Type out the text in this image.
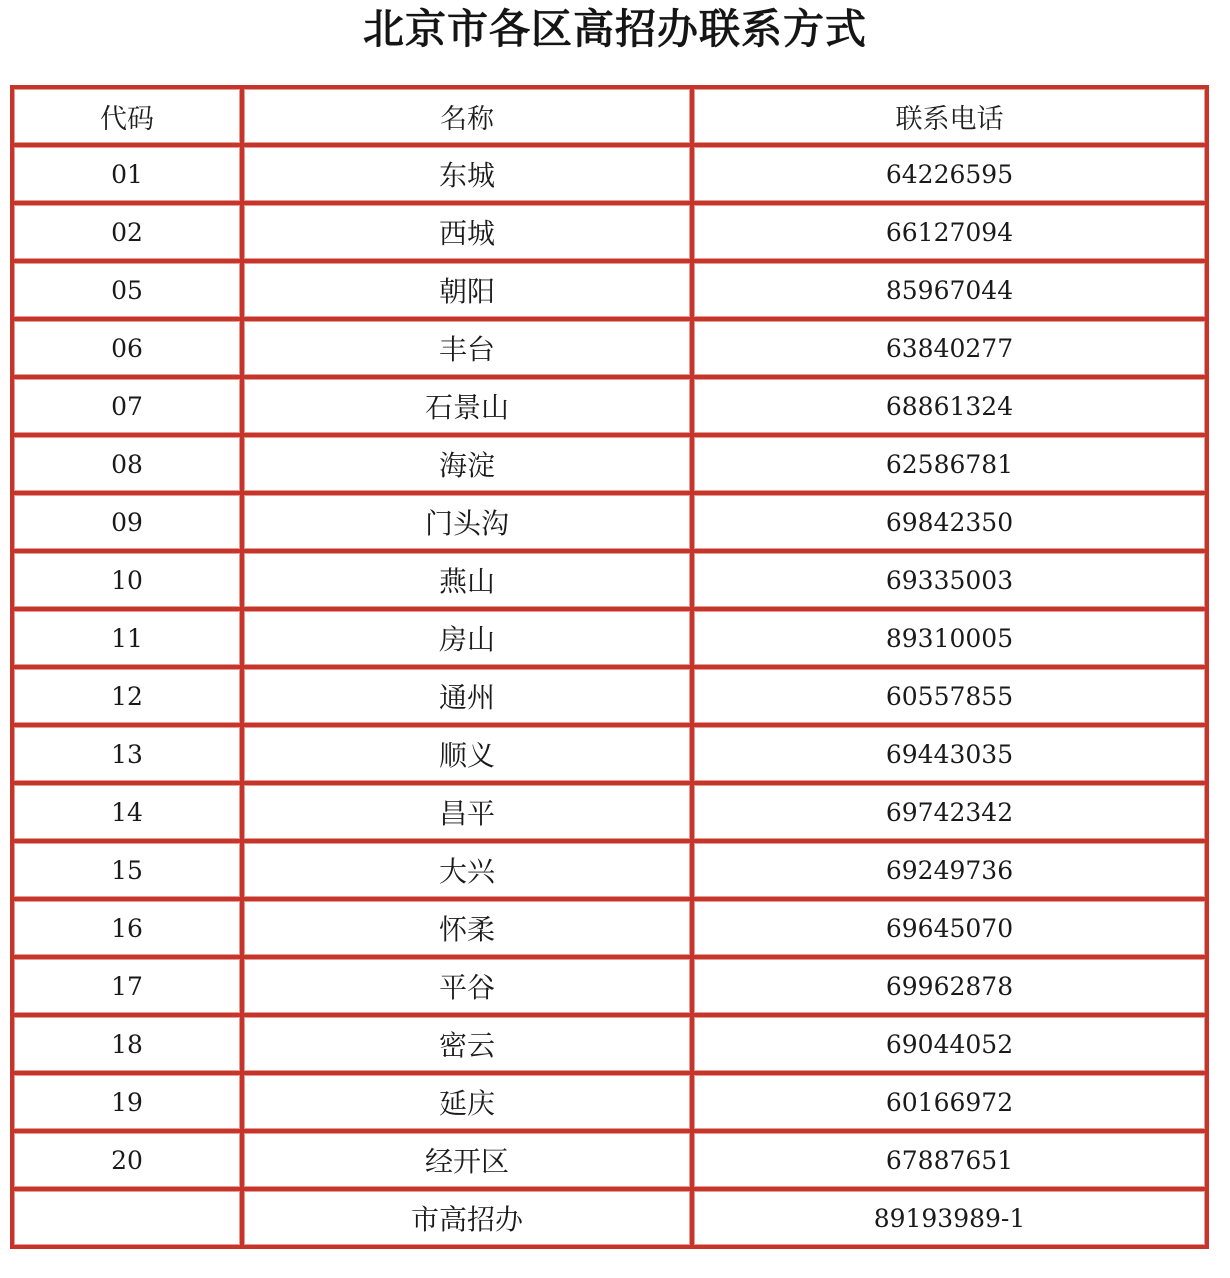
北京市各区高招办联系方式
代码	名称	联系电话
01	东城	64226595
02	西城	66127094
05	朝阳	85967044
06	丰台	63840277
07	石景山	68861324
08	海淀	62586781
09	门头沟	69842350
10	燕山	69335003
11	房山	89310005
12	通州	60557855
13	顺义	69443035
14	昌平	69742342
15	大兴	69249736
16	怀柔	69645070
17	平谷	69962878
18	密云	69044052
19	延庆	60166972
20	经开区	67887651
	市高招办	89193989-1
